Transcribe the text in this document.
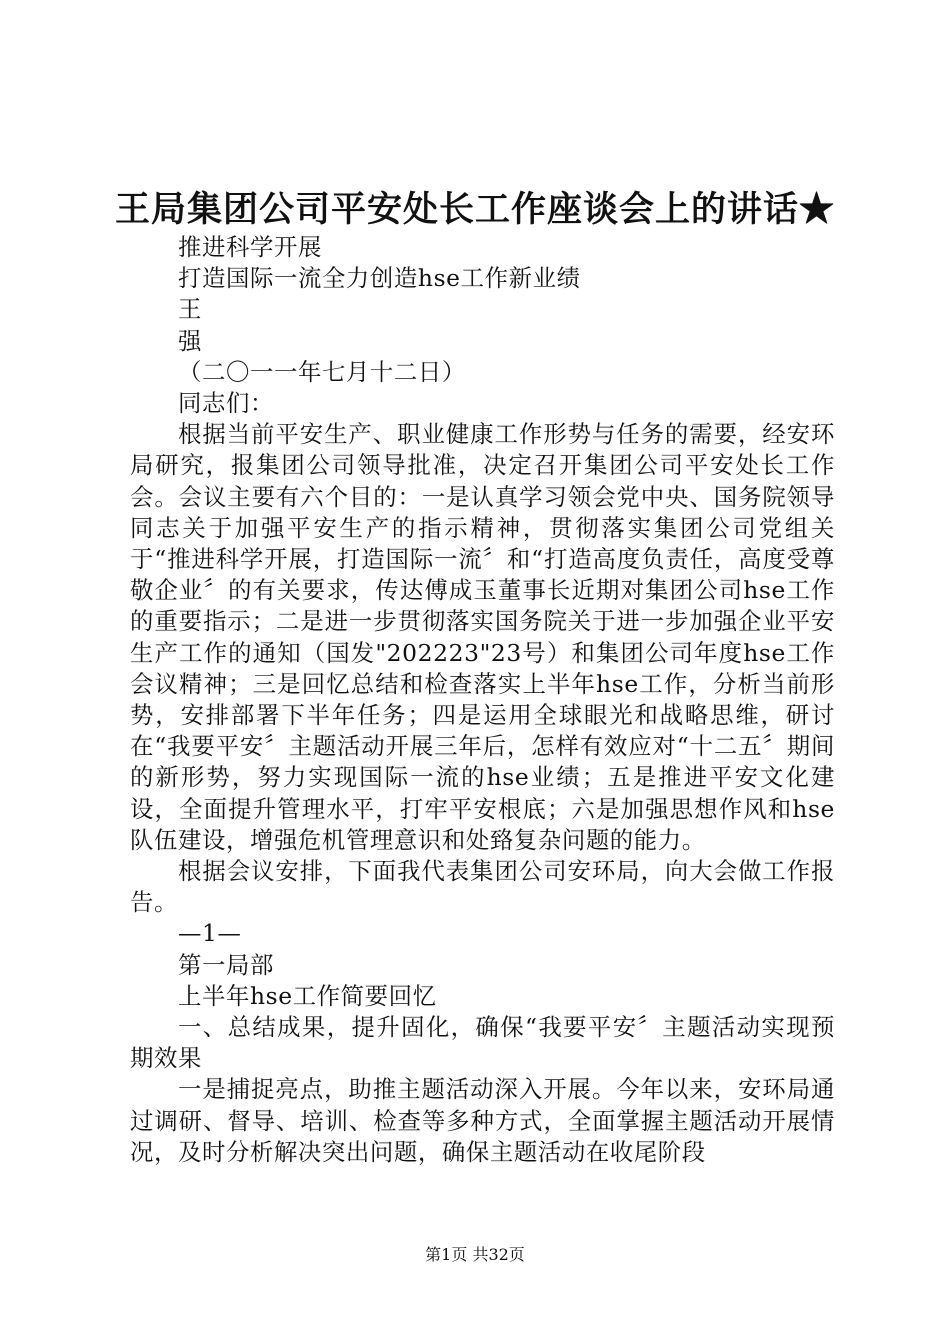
王局集团公司平安处长工作座谈会上的讲话★

推进科学开展

打造国际一流全力创造hse工作新业绩

王

强

（二〇一一年七月十二日）

同志们：

根据当前平安生产、职业健康工作形势与任务的需要，经安环局研究，报集团公司领导批准，决定召开集团公司平安处长工作会。会议主要有六个目的：一是认真学习领会党中央、国务院领导同志关于加强平安生产的指示精神，贯彻落实集团公司党组关于“推进科学开展，打造国际一流〞和“打造高度负责任，高度受尊敬企业〞的有关要求，传达傅成玉董事长近期对集团公司hse工作的重要指示；二是进一步贯彻落实国务院关于进一步加强企业平安生产工作的通知（国发"202223"23号）和集团公司年度hse工作会议精神；三是回忆总结和检查落实上半年hse工作，分析当前形势，安排部署下半年任务；四是运用全球眼光和战略思维，研讨在“我要平安〞主题活动开展三年后，怎样有效应对“十二五〞期间的新形势，努力实现国际一流的hse业绩；五是推进平安文化建设，全面提升管理水平，打牢平安根底；六是加强思想作风和hse队伍建设，增强危机管理意识和处臵复杂问题的能力。

根据会议安排，下面我代表集团公司安环局，向大会做工作报告。

—1—

第一局部

上半年hse工作简要回忆

一、总结成果，提升固化，确保“我要平安〞主题活动实现预期效果

一是捕捉亮点，助推主题活动深入开展。今年以来，安环局通过调研、督导、培训、检查等多种方式，全面掌握主题活动开展情况，及时分析解决突出问题，确保主题活动在收尾阶段

第1页 共32页
